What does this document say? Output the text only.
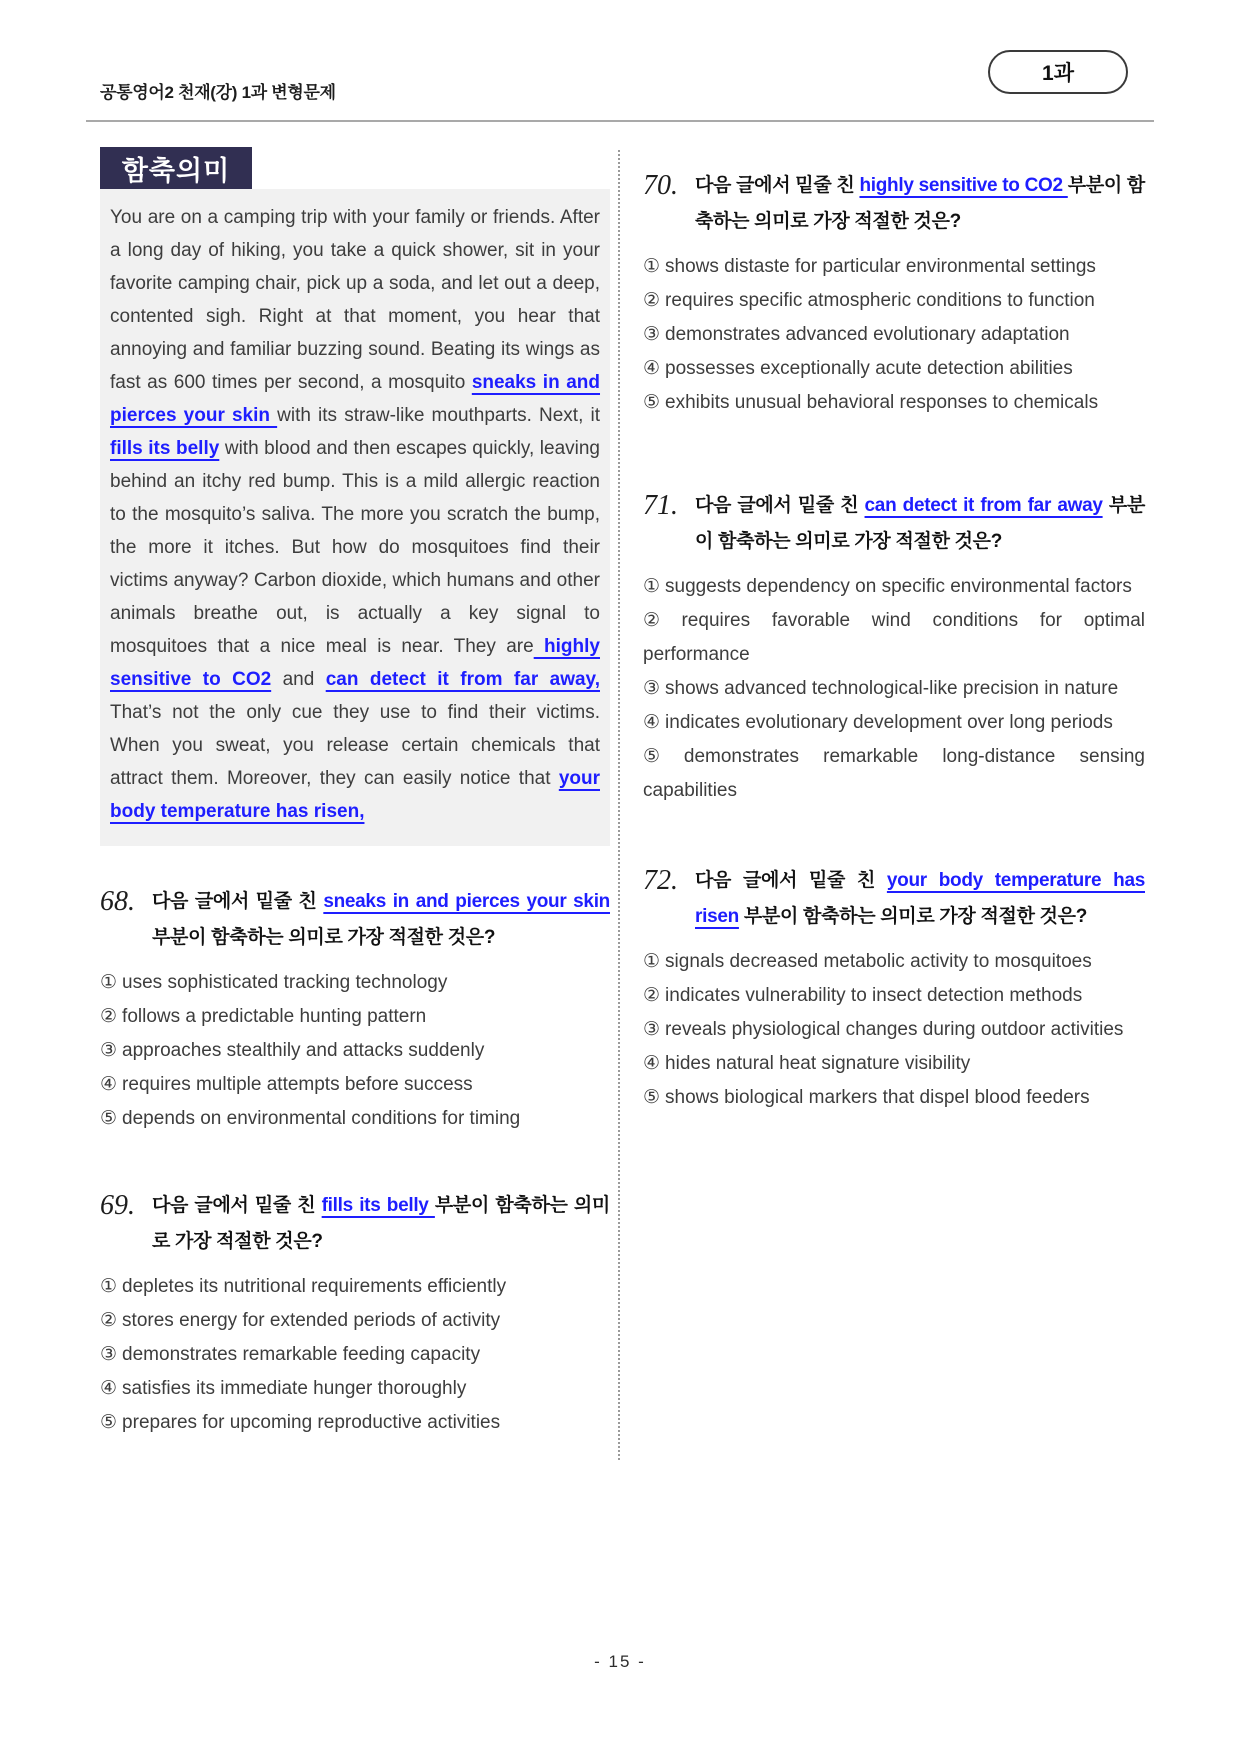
공통영어2 천재(강) 1과 변형문제
1과
함축의미
You are on a camping trip with your family or friends. After a long day of hiking, you take a quick shower, sit in your favorite camping chair, pick up a soda, and let out a deep, contented sigh. Right at that moment, you hear that annoying and familiar buzzing sound. Beating its wings as fast as 600 times per second, a mosquito sneaks in and pierces your skin with its straw-like mouthparts. Next, it fills its belly with blood and then escapes quickly, leaving behind an itchy red bump. This is a mild allergic reaction to the mosquito’s saliva. The more you scratch the bump, the more it itches. But how do mosquitoes find their victims anyway? Carbon dioxide, which humans and other animals breathe out, is actually a key signal to mosquitoes that a nice meal is near. They are highly sensitive to CO2 and can detect it from far away, That’s not the only cue they use to find their victims. When you sweat, you release certain chemicals that attract them. Moreover, they can easily notice that your body temperature has risen,
68. 다음 글에서 밑줄 친 sneaks in and pierces your skin 부분이 함축하는 의미로 가장 적절한 것은?
① uses sophisticated tracking technology
② follows a predictable hunting pattern
③ approaches stealthily and attacks suddenly
④ requires multiple attempts before success
⑤ depends on environmental conditions for timing
69. 다음 글에서 밑줄 친 fills its belly 부분이 함축하는 의미로 가장 적절한 것은?
① depletes its nutritional requirements efficiently
② stores energy for extended periods of activity
③ demonstrates remarkable feeding capacity
④ satisfies its immediate hunger thoroughly
⑤ prepares for upcoming reproductive activities
70. 다음 글에서 밑줄 친 highly sensitive to CO2 부분이 함축하는 의미로 가장 적절한 것은?
① shows distaste for particular environmental settings
② requires specific atmospheric conditions to function
③ demonstrates advanced evolutionary adaptation
④ possesses exceptionally acute detection abilities
⑤ exhibits unusual behavioral responses to chemicals
71. 다음 글에서 밑줄 친 can detect it from far away 부분이 함축하는 의미로 가장 적절한 것은?
① suggests dependency on specific environmental factors
② requires favorable wind conditions for optimal performance
③ shows advanced technological-like precision in nature
④ indicates evolutionary development over long periods
⑤ demonstrates remarkable long-distance sensing capabilities
72. 다음 글에서 밑줄 친 your body temperature has risen 부분이 함축하는 의미로 가장 적절한 것은?
① signals decreased metabolic activity to mosquitoes
② indicates vulnerability to insect detection methods
③ reveals physiological changes during outdoor activities
④ hides natural heat signature visibility
⑤ shows biological markers that dispel blood feeders
- 15 -
